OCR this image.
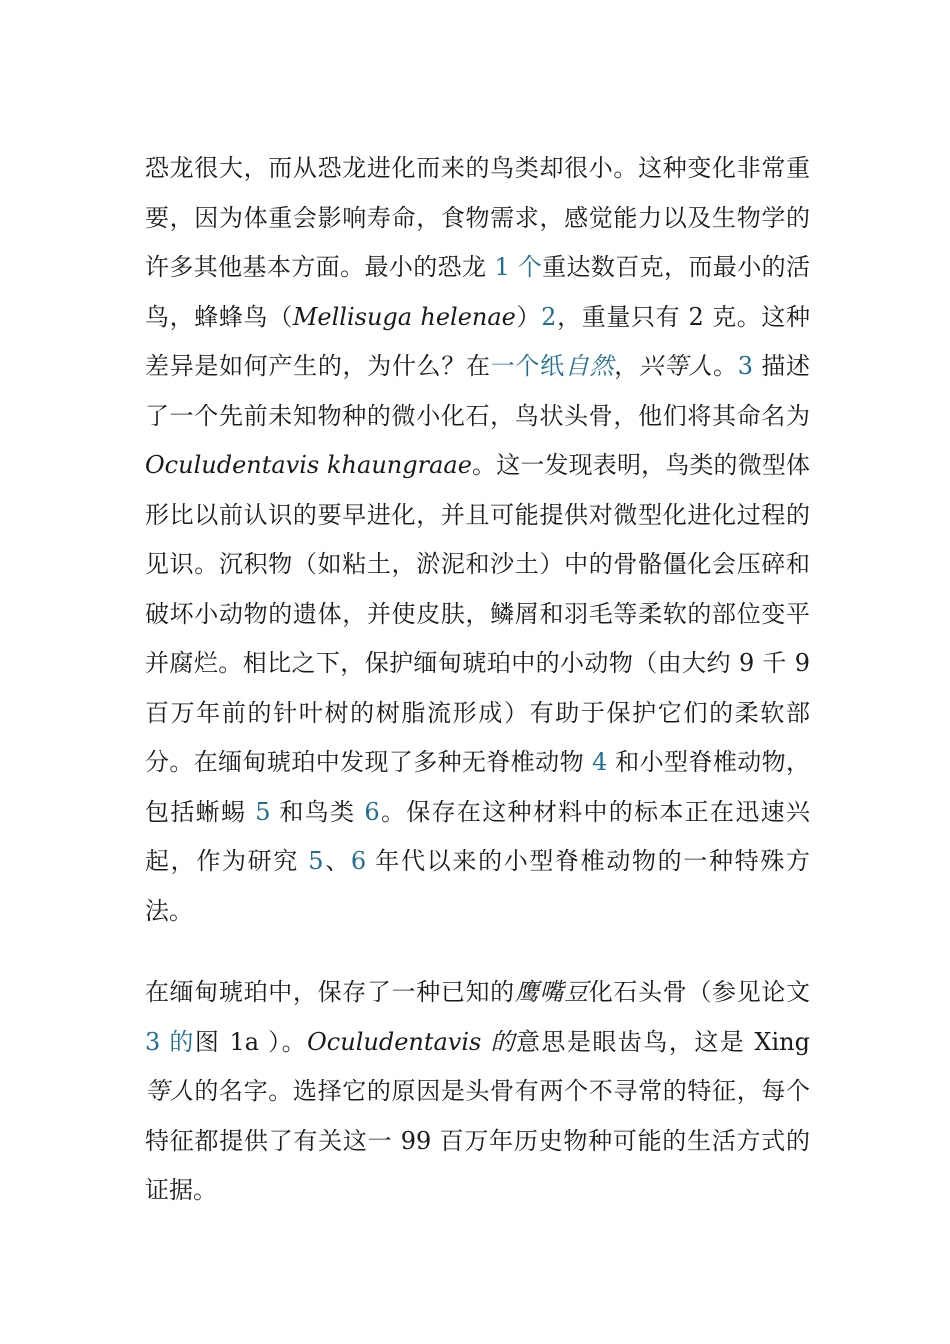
恐龙很大，而从恐龙进化而来的鸟类却很小。这种变化非常重要，因为体重会影响寿命，食物需求，感觉能力以及生物学的许多其他基本方面。最小的恐龙 1 个重达数百克，而最小的活鸟，蜂蜂鸟（Mellisuga helenae）2，重量只有 2 克。这种差异是如何产生的，为什么？在一个纸自然，兴等人。3 描述了一个先前未知物种的微小化石，鸟状头骨，他们将其命名为 Oculudentavis khaungraae。这一发现表明，鸟类的微型体形比以前认识的要早进化，并且可能提供对微型化进化过程的见识。沉积物（如粘土，淤泥和沙土）中的骨骼僵化会压碎和破坏小动物的遗体，并使皮肤，鳞屑和羽毛等柔软的部位变平并腐烂。相比之下，保护缅甸琥珀中的小动物（由大约 9 千 9 百万年前的针叶树的树脂流形成）有助于保护它们的柔软部分。在缅甸琥珀中发现了多种无脊椎动物 4 和小型脊椎动物，包括蜥蜴 5 和鸟类 6。保存在这种材料中的标本正在迅速兴起，作为研究 5、6 年代以来的小型脊椎动物的一种特殊方法。

在缅甸琥珀中，保存了一种已知的鹰嘴豆化石头骨（参见论文 3 的图 1a ）。Oculudentavis 的意思是眼齿鸟，这是 Xing 等人的名字。选择它的原因是头骨有两个不寻常的特征，每个特征都提供了有关这一 99 百万年历史物种可能的生活方式的证据。
